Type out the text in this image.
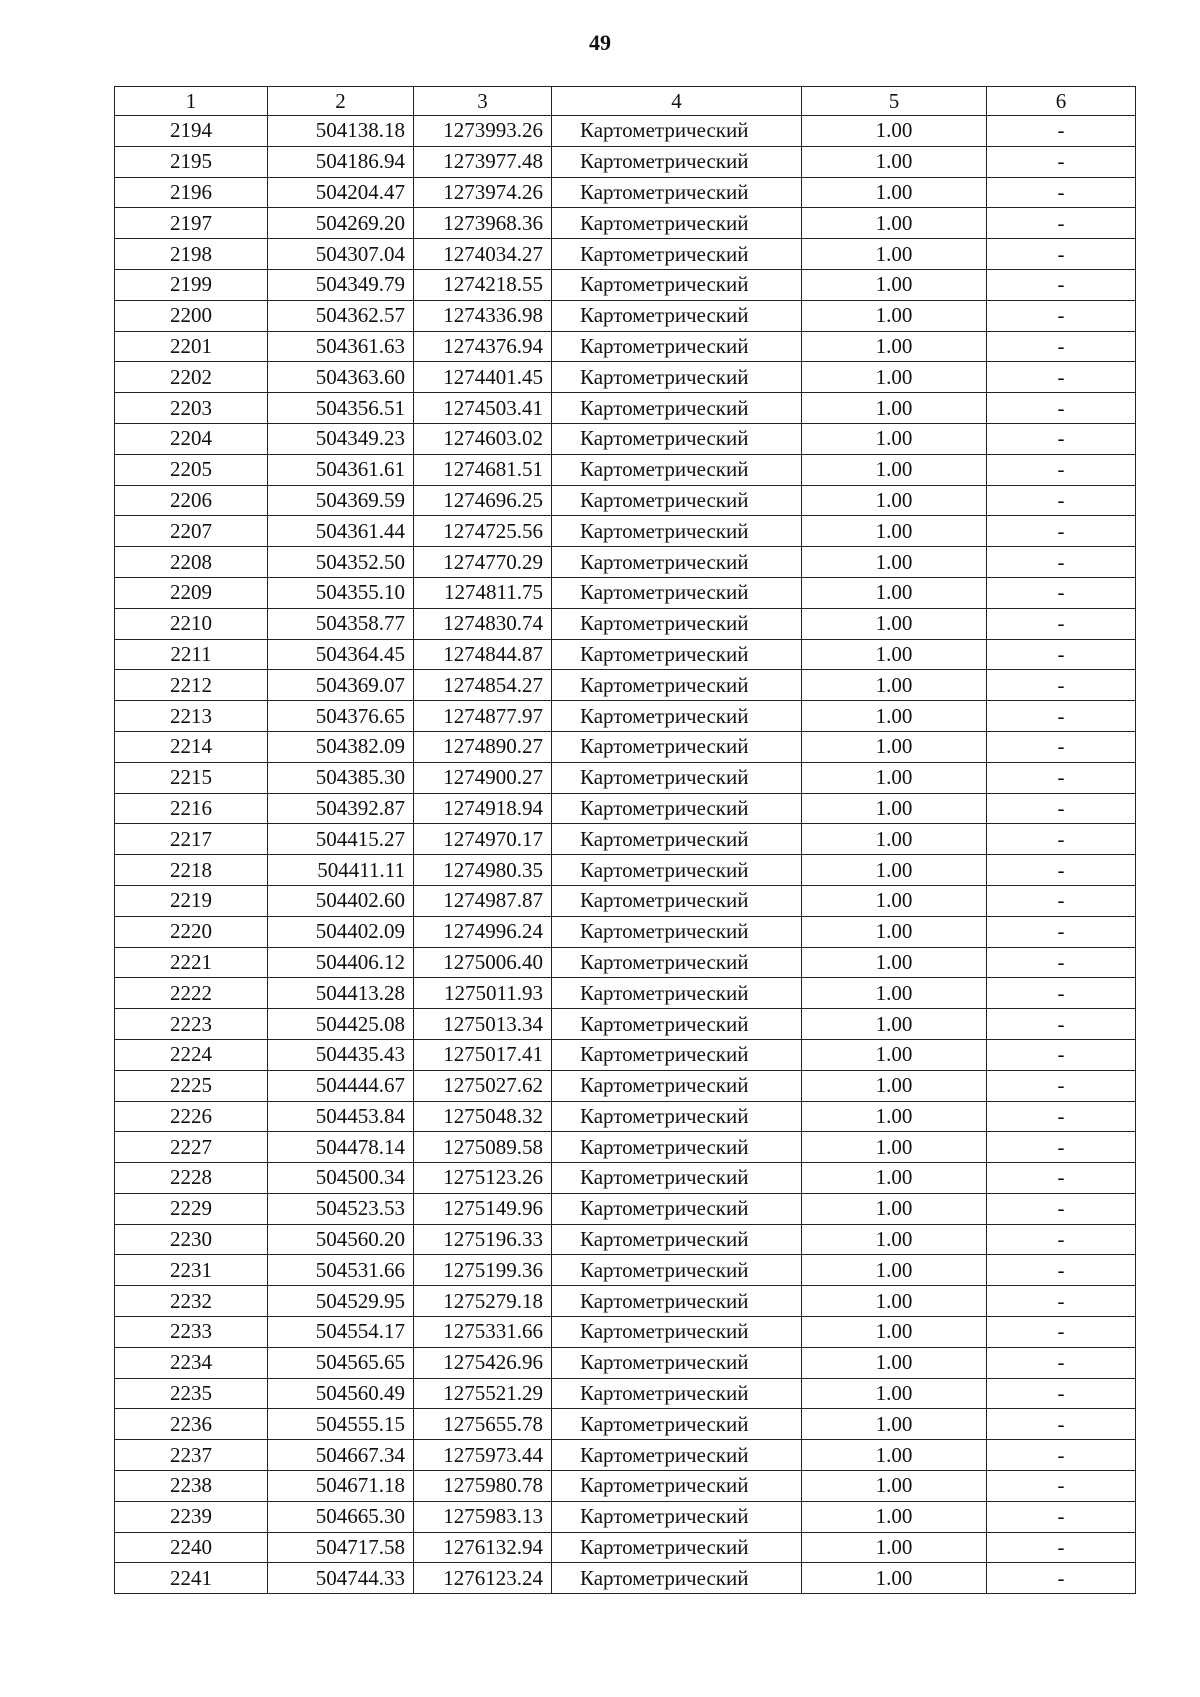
49
1	2	3	4	5	6
2194	504138.18	1273993.26	Картометрический	1.00	-
2195	504186.94	1273977.48	Картометрический	1.00	-
2196	504204.47	1273974.26	Картометрический	1.00	-
2197	504269.20	1273968.36	Картометрический	1.00	-
2198	504307.04	1274034.27	Картометрический	1.00	-
2199	504349.79	1274218.55	Картометрический	1.00	-
2200	504362.57	1274336.98	Картометрический	1.00	-
2201	504361.63	1274376.94	Картометрический	1.00	-
2202	504363.60	1274401.45	Картометрический	1.00	-
2203	504356.51	1274503.41	Картометрический	1.00	-
2204	504349.23	1274603.02	Картометрический	1.00	-
2205	504361.61	1274681.51	Картометрический	1.00	-
2206	504369.59	1274696.25	Картометрический	1.00	-
2207	504361.44	1274725.56	Картометрический	1.00	-
2208	504352.50	1274770.29	Картометрический	1.00	-
2209	504355.10	1274811.75	Картометрический	1.00	-
2210	504358.77	1274830.74	Картометрический	1.00	-
2211	504364.45	1274844.87	Картометрический	1.00	-
2212	504369.07	1274854.27	Картометрический	1.00	-
2213	504376.65	1274877.97	Картометрический	1.00	-
2214	504382.09	1274890.27	Картометрический	1.00	-
2215	504385.30	1274900.27	Картометрический	1.00	-
2216	504392.87	1274918.94	Картометрический	1.00	-
2217	504415.27	1274970.17	Картометрический	1.00	-
2218	504411.11	1274980.35	Картометрический	1.00	-
2219	504402.60	1274987.87	Картометрический	1.00	-
2220	504402.09	1274996.24	Картометрический	1.00	-
2221	504406.12	1275006.40	Картометрический	1.00	-
2222	504413.28	1275011.93	Картометрический	1.00	-
2223	504425.08	1275013.34	Картометрический	1.00	-
2224	504435.43	1275017.41	Картометрический	1.00	-
2225	504444.67	1275027.62	Картометрический	1.00	-
2226	504453.84	1275048.32	Картометрический	1.00	-
2227	504478.14	1275089.58	Картометрический	1.00	-
2228	504500.34	1275123.26	Картометрический	1.00	-
2229	504523.53	1275149.96	Картометрический	1.00	-
2230	504560.20	1275196.33	Картометрический	1.00	-
2231	504531.66	1275199.36	Картометрический	1.00	-
2232	504529.95	1275279.18	Картометрический	1.00	-
2233	504554.17	1275331.66	Картометрический	1.00	-
2234	504565.65	1275426.96	Картометрический	1.00	-
2235	504560.49	1275521.29	Картометрический	1.00	-
2236	504555.15	1275655.78	Картометрический	1.00	-
2237	504667.34	1275973.44	Картометрический	1.00	-
2238	504671.18	1275980.78	Картометрический	1.00	-
2239	504665.30	1275983.13	Картометрический	1.00	-
2240	504717.58	1276132.94	Картометрический	1.00	-
2241	504744.33	1276123.24	Картометрический	1.00	-
